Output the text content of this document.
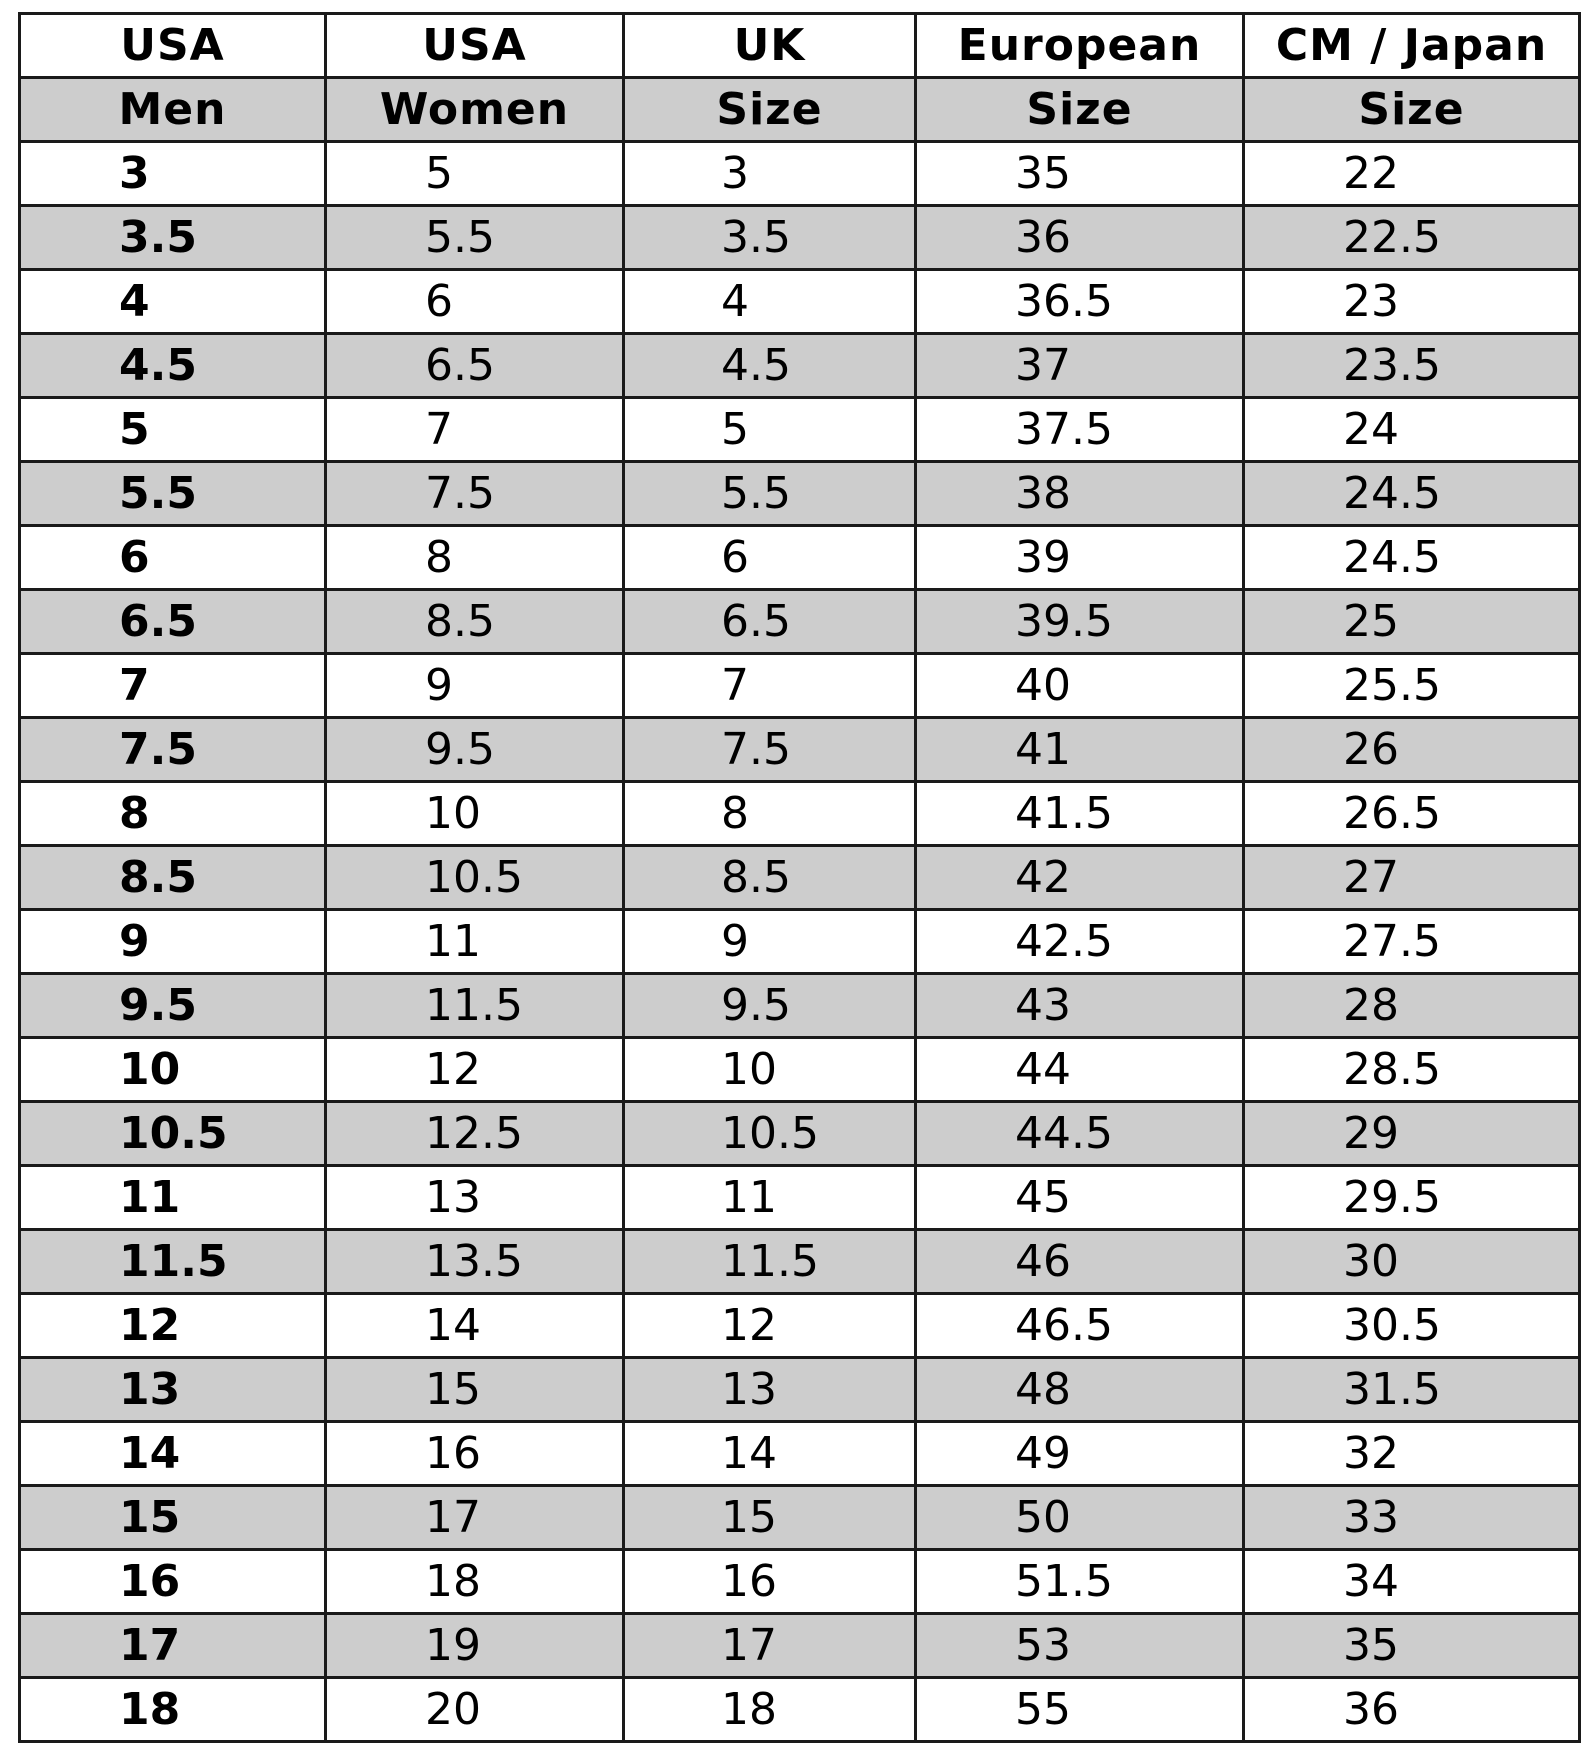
USA	USA	UK	European	CM / Japan
Men	Women	Size	Size	Size
3	5	3	35	22
3.5	5.5	3.5	36	22.5
4	6	4	36.5	23
4.5	6.5	4.5	37	23.5
5	7	5	37.5	24
5.5	7.5	5.5	38	24.5
6	8	6	39	24.5
6.5	8.5	6.5	39.5	25
7	9	7	40	25.5
7.5	9.5	7.5	41	26
8	10	8	41.5	26.5
8.5	10.5	8.5	42	27
9	11	9	42.5	27.5
9.5	11.5	9.5	43	28
10	12	10	44	28.5
10.5	12.5	10.5	44.5	29
11	13	11	45	29.5
11.5	13.5	11.5	46	30
12	14	12	46.5	30.5
13	15	13	48	31.5
14	16	14	49	32
15	17	15	50	33
16	18	16	51.5	34
17	19	17	53	35
18	20	18	55	36
